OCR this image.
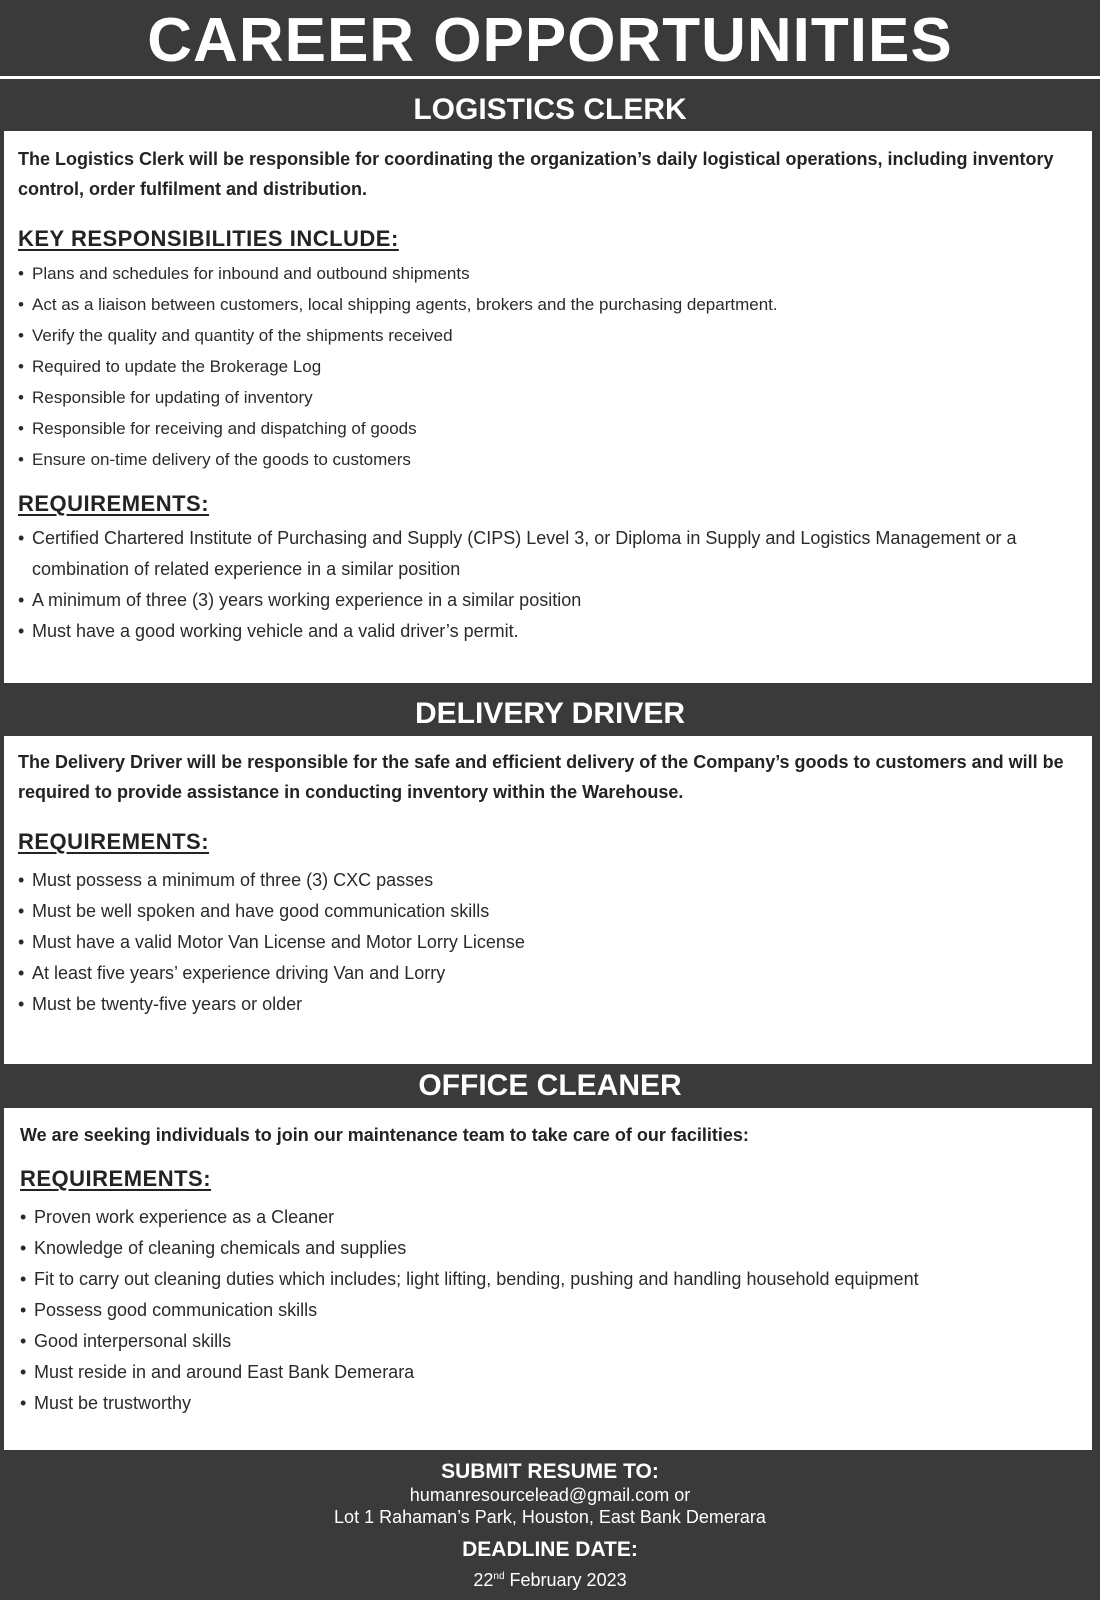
CAREER OPPORTUNITIES
LOGISTICS CLERK

The Logistics Clerk will be responsible for coordinating the organization’s daily logistical operations, including inventory control, order fulfilment and distribution.

KEY RESPONSIBILITIES INCLUDE:

• Plans and schedules for inbound and outbound shipments
• Act as a liaison between customers, local shipping agents, brokers and the purchasing department.
• Verify the quality and quantity of the shipments received
• Required to update the Brokerage Log
• Responsible for updating of inventory
• Responsible for receiving and dispatching of goods
• Ensure on-time delivery of the goods to customers

REQUIREMENTS:

• Certified Chartered Institute of Purchasing and Supply (CIPS) Level 3, or Diploma in Supply and Logistics Management or a combination of related experience in a similar position
• A minimum of three (3) years working experience in a similar position
• Must have a good working vehicle and a valid driver’s permit.
DELIVERY DRIVER

The Delivery Driver will be responsible for the safe and efficient delivery of the Company’s goods to customers and will be required to provide assistance in conducting inventory within the Warehouse.

REQUIREMENTS:

• Must possess a minimum of three (3) CXC passes
• Must be well spoken and have good communication skills
• Must have a valid Motor Van License and Motor Lorry License
• At least five years’ experience driving Van and Lorry
• Must be twenty-five years or older
OFFICE CLEANER

We are seeking individuals to join our maintenance team to take care of our facilities:

REQUIREMENTS:

• Proven work experience as a Cleaner
• Knowledge of cleaning chemicals and supplies
• Fit to carry out cleaning duties which includes; light lifting, bending, pushing and handling household equipment
• Possess good communication skills
• Good interpersonal skills
• Must reside in and around East Bank Demerara
• Must be trustworthy
SUBMIT RESUME TO:
humanresourcelead@gmail.com or
Lot 1 Rahaman’s Park, Houston, East Bank Demerara
DEADLINE DATE:
22nd February 2023
